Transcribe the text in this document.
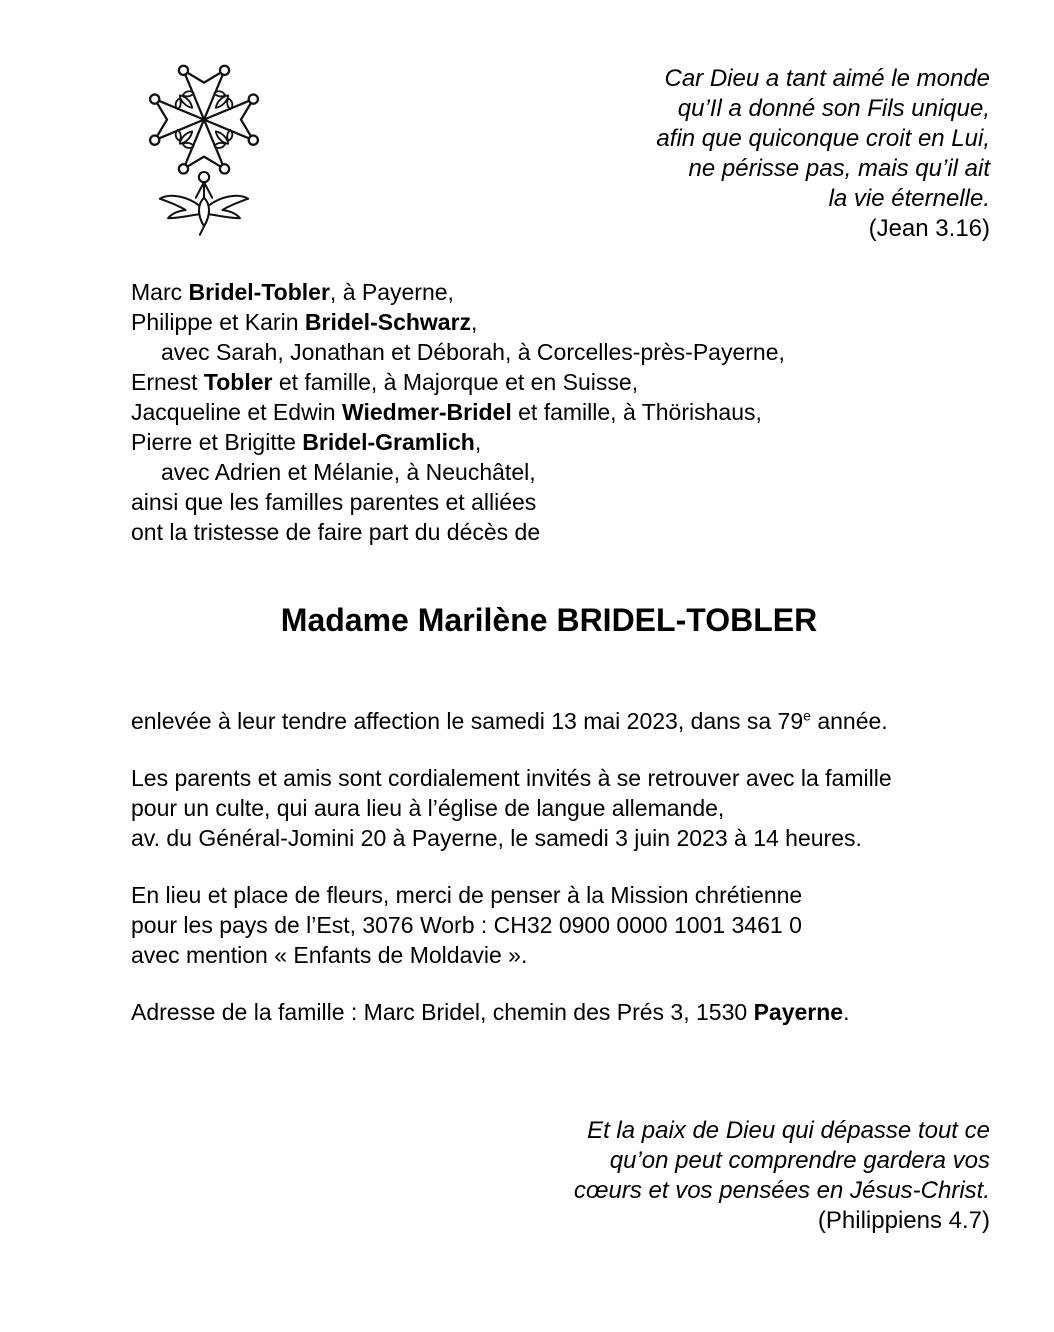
Car Dieu a tant aimé le monde
qu’Il a donné son Fils unique,
afin que quiconque croit en Lui,
ne périsse pas, mais qu’il ait
la vie éternelle.
(Jean 3.16)
Marc Bridel-Tobler, à Payerne,
Philippe et Karin Bridel-Schwarz,
avec Sarah, Jonathan et Déborah, à Corcelles-près-Payerne,
Ernest Tobler et famille, à Majorque et en Suisse,
Jacqueline et Edwin Wiedmer-Bridel et famille, à Thörishaus,
Pierre et Brigitte Bridel-Gramlich,
avec Adrien et Mélanie, à Neuchâtel,
ainsi que les familles parentes et alliées
ont la tristesse de faire part du décès de
Madame Marilène BRIDEL-TOBLER
enlevée à leur tendre affection le samedi 13 mai 2023, dans sa 79e année.
Les parents et amis sont cordialement invités à se retrouver avec la famille
pour un culte, qui aura lieu à l’église de langue allemande,
av. du Général-Jomini 20 à Payerne, le samedi 3 juin 2023 à 14 heures.
En lieu et place de fleurs, merci de penser à la Mission chrétienne
pour les pays de l’Est, 3076 Worb : CH32 0900 0000 1001 3461 0
avec mention « Enfants de Moldavie ».
Adresse de la famille : Marc Bridel, chemin des Prés 3, 1530 Payerne.
Et la paix de Dieu qui dépasse tout ce
qu’on peut comprendre gardera vos
cœurs et vos pensées en Jésus-Christ.
(Philippiens 4.7)
